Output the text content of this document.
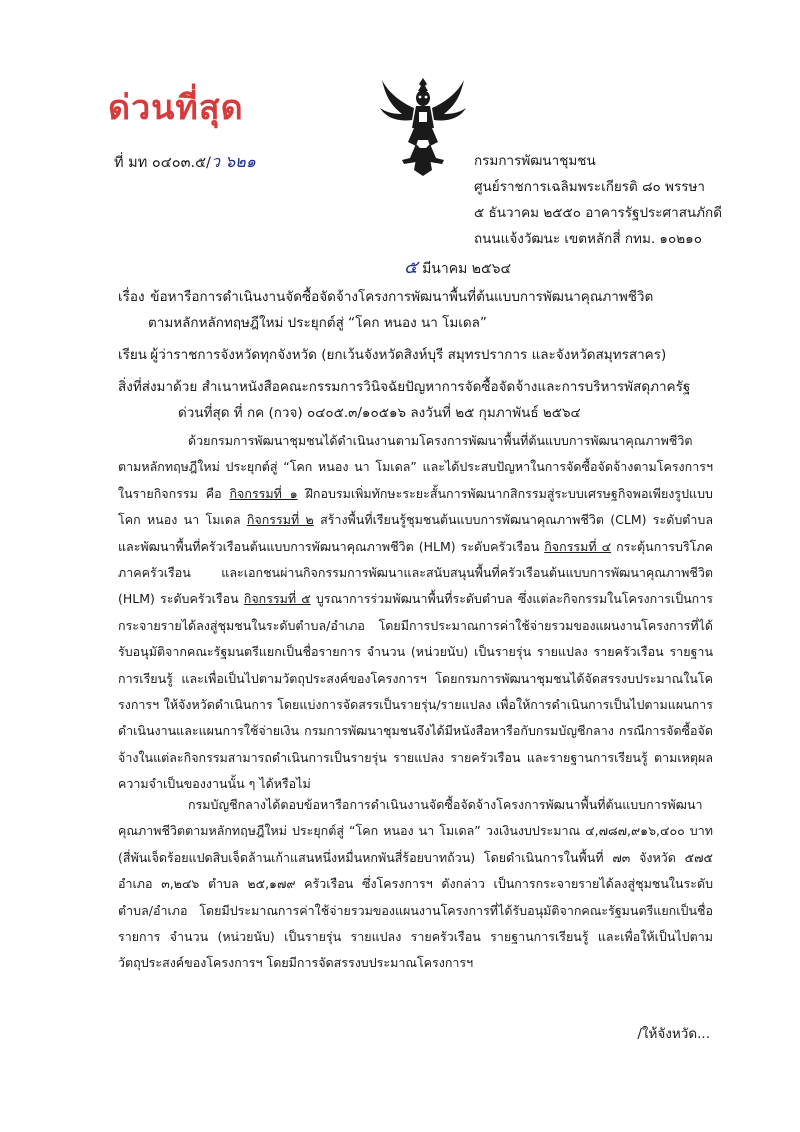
ด่วนที่สุด
ที่ มท ๐๔๐๓.๕/ว ๖๒๑	กรมการพัฒนาชุมชน
ศูนย์ราชการเฉลิมพระเกียรติ ๘๐ พรรษา
๕ ธันวาคม ๒๕๕๐ อาคารรัฐประศาสนภักดี
ถนนแจ้งวัฒนะ เขตหลักสี่ กทม. ๑๐๒๑๐
๕ มีนาคม ๒๕๖๔
เรื่อง ข้อหารือการดำเนินงานจัดซื้อจัดจ้างโครงการพัฒนาพื้นที่ต้นแบบการพัฒนาคุณภาพชีวิต
ตามหลักหลักทฤษฎีใหม่ ประยุกต์สู่ “โคก หนอง นา โมเดล”
เรียน ผู้ว่าราชการจังหวัดทุกจังหวัด (ยกเว้นจังหวัดสิงห์บุรี สมุทรปราการ และจังหวัดสมุทรสาคร)
สิ่งที่ส่งมาด้วย สำเนาหนังสือคณะกรรมการวินิจฉัยปัญหาการจัดซื้อจัดจ้างและการบริหารพัสดุภาครัฐ
ด่วนที่สุด ที่ กค (กวจ) ๐๔๐๕.๓/๑๐๕๑๖ ลงวันที่ ๒๕ กุมภาพันธ์ ๒๕๖๔

ด้วยกรมการพัฒนาชุมชนได้ดำเนินงานตามโครงการพัฒนาพื้นที่ต้นแบบการพัฒนาคุณภาพชีวิตตามหลักทฤษฎีใหม่ ประยุกต์สู่ “โคก หนอง นา โมเดล” และได้ประสบปัญหาในการจัดซื้อจัดจ้างตามโครงการฯ ในรายกิจกรรม คือ กิจกรรมที่ ๑ ฝึกอบรมเพิ่มทักษะระยะสั้นการพัฒนากสิกรรมสู่ระบบเศรษฐกิจพอเพียงรูปแบบ โคก หนอง นา โมเดล กิจกรรมที่ ๒ สร้างพื้นที่เรียนรู้ชุมชนต้นแบบการพัฒนาคุณภาพชีวิต (CLM) ระดับตำบล และพัฒนาพื้นที่ครัวเรือนต้นแบบการพัฒนาคุณภาพชีวิต (HLM) ระดับครัวเรือน กิจกรรมที่ ๔ กระตุ้นการบริโภคภาคครัวเรือน และเอกชนผ่านกิจกรรมการพัฒนาและสนับสนุนพื้นที่ครัวเรือนต้นแบบการพัฒนาคุณภาพชีวิต (HLM) ระดับครัวเรือน กิจกรรมที่ ๕ บูรณาการร่วมพัฒนาพื้นที่ระดับตำบล ซึ่งแต่ละกิจกรรมในโครงการเป็นการกระจายรายได้ลงสู่ชุมชนในระดับตำบล/อำเภอ โดยมีการประมาณการค่าใช้จ่ายรวมของแผนงานโครงการที่ได้รับอนุมัติจากคณะรัฐมนตรีแยกเป็นชื่อรายการ จำนวน (หน่วยนับ) เป็นรายรุ่น รายแปลง รายครัวเรือน รายฐานการเรียนรู้ และเพื่อเป็นไปตามวัตถุประสงค์ของโครงการฯ โดยกรมการพัฒนาชุมชนได้จัดสรรงบประมาณในโครงการฯ ให้จังหวัดดำเนินการ โดยแบ่งการจัดสรรเป็นรายรุ่น/รายแปลง เพื่อให้การดำเนินการเป็นไปตามแผนการดำเนินงานและแผนการใช้จ่ายเงิน กรมการพัฒนาชุมชนจึงได้มีหนังสือหารือกับกรมบัญชีกลาง กรณีการจัดซื้อจัดจ้างในแต่ละกิจกรรมสามารถดำเนินการเป็นรายรุ่น รายแปลง รายครัวเรือน และรายฐานการเรียนรู้ ตามเหตุผลความจำเป็นของงานนั้น ๆ ได้หรือไม่

กรมบัญชีกลางได้ตอบข้อหารือการดำเนินงานจัดซื้อจัดจ้างโครงการพัฒนาพื้นที่ต้นแบบการพัฒนาคุณภาพชีวิตตามหลักทฤษฎีใหม่ ประยุกต์สู่ “โคก หนอง นา โมเดล” วงเงินงบประมาณ ๔,๗๘๗,๙๑๖,๔๐๐ บาท (สี่พันเจ็ดร้อยแปดสิบเจ็ดล้านเก้าแสนหนึ่งหมื่นหกพันสี่ร้อยบาทถ้วน) โดยดำเนินการในพื้นที่ ๗๓ จังหวัด ๕๗๕ อำเภอ ๓,๒๔๖ ตำบล ๒๕,๑๗๙ ครัวเรือน ซึ่งโครงการฯ ดังกล่าว เป็นการกระจายรายได้ลงสู่ชุมชนในระดับตำบล/อำเภอ โดยมีประมาณการค่าใช้จ่ายรวมของแผนงานโครงการที่ได้รับอนุมัติจากคณะรัฐมนตรีแยกเป็นชื่อรายการ จำนวน (หน่วยนับ) เป็นรายรุ่น รายแปลง รายครัวเรือน รายฐานการเรียนรู้ และเพื่อให้เป็นไปตามวัตถุประสงค์ของโครงการฯ โดยมีการจัดสรรงบประมาณโครงการฯ

/ให้จังหวัด...
